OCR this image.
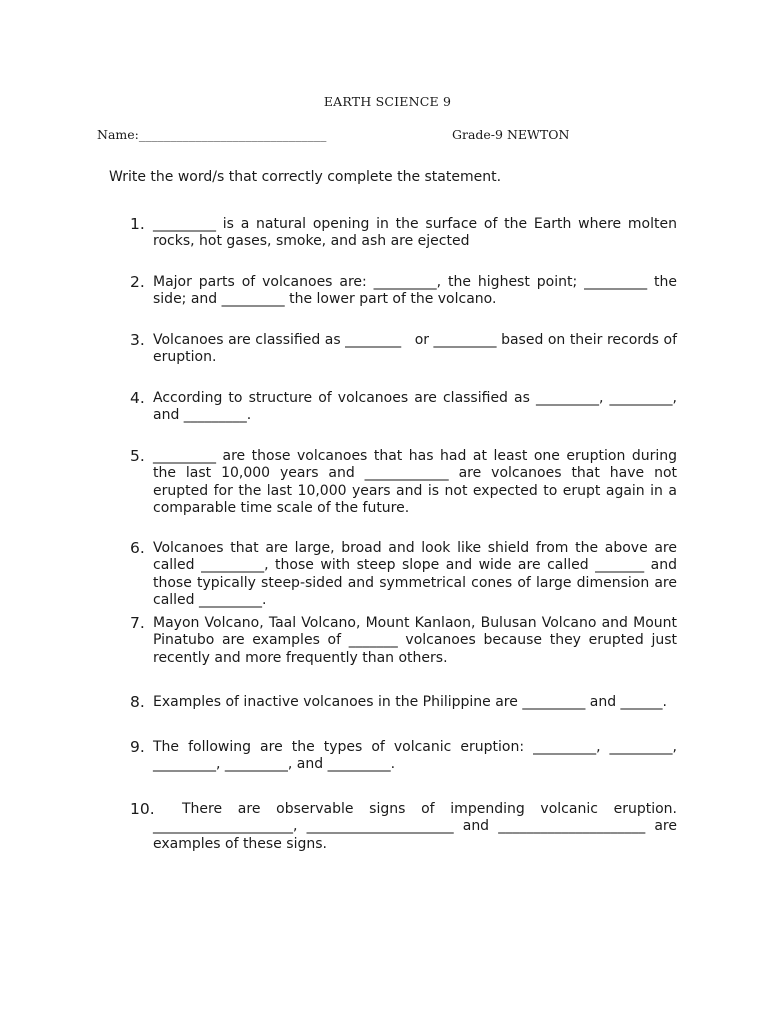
EARTH SCIENCE 9
Name:______________________________	Grade-9 NEWTON
Write the word/s that correctly complete the statement.
1. _________ is a natural opening in the surface of the Earth where molten rocks, hot gases, smoke, and ash are ejected
2. Major parts of volcanoes are: _________, the highest point; _________ the side; and _________ the lower part of the volcano.
3. Volcanoes are classified as ________   or _________ based on their records of eruption.
4. According to structure of volcanoes are classified as _________, _________, and _________.
5. _________ are those volcanoes that has had at least one eruption during the last 10,000 years and ____________ are volcanoes that have not erupted for the last 10,000 years and is not expected to erupt again in a comparable time scale of the future.
6. Volcanoes that are large, broad and look like shield from the above are called _________, those with steep slope and wide are called _______ and those typically steep-sided and symmetrical cones of large dimension are called _________.
7. Mayon Volcano, Taal Volcano, Mount Kanlaon, Bulusan Volcano and Mount Pinatubo are examples of _______ volcanoes because they erupted just recently and more frequently than others.
8. Examples of inactive volcanoes in the Philippine are _________ and ______.
9. The following are the types of volcanic eruption: _________, _________, _________, _________, and _________.
10.	There are observable signs of impending volcanic eruption. ____________________, _____________________ and _____________________ are examples of these signs.
